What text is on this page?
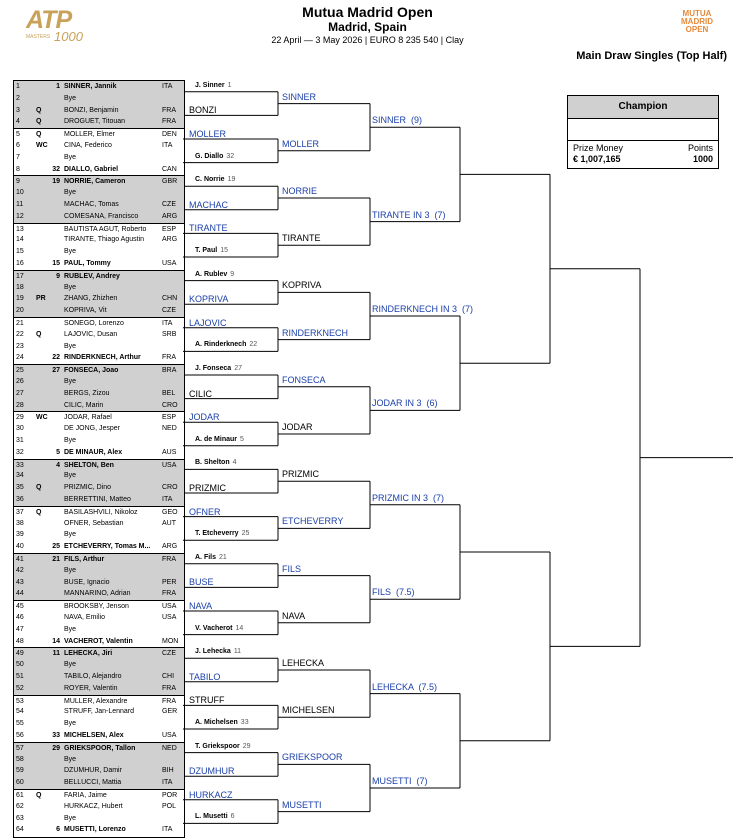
ATP
MASTERS 1000
Mutua Madrid Open
Madrid, Spain
22 April — 3 May 2026 | EURO 8 235 540 | Clay
MUTUA
MADRID
OPEN
Main Draw Singles (Top Half)
1	1 SINNER, Jannik	ITA
2	Bye
3	Q	BONZI, Benjamin	FRA
4	Q	DROGUET, Titouan	FRA
5	Q	MOLLER, Elmer	DEN
6	WC	CINA, Federico	ITA
7	Bye
8	32 DIALLO, Gabriel	CAN
9	19 NORRIE, Cameron	GBR
10	Bye
11	MACHAC, Tomas	CZE
12	COMESANA, Francisco	ARG
13	BAUTISTA AGUT, Roberto	ESP
14	TIRANTE, Thiago Agustin	ARG
15	Bye
16	15 PAUL, Tommy	USA
17	9 RUBLEV, Andrey
18	Bye
19	PR	ZHANG, Zhizhen	CHN
20	KOPRIVA, Vit	CZE
21	SONEGO, Lorenzo	ITA
22	Q	LAJOVIC, Dusan	SRB
23	Bye
24	22 RINDERKNECH, Arthur	FRA
25	27 FONSECA, Joao	BRA
26	Bye
27	BERGS, Zizou	BEL
28	CILIC, Marin	CRO
29	WC	JODAR, Rafael	ESP
30	DE JONG, Jesper	NED
31	Bye
32	5 DE MINAUR, Alex	AUS
33	4 SHELTON, Ben	USA
34	Bye
35	Q	PRIZMIC, Dino	CRO
36	BERRETTINI, Matteo	ITA
37	Q	BASILASHVILI, Nikoloz	GEO
38	OFNER, Sebastian	AUT
39	Bye
40	25 ETCHEVERRY, Tomas M...	ARG
41	21 FILS, Arthur	FRA
42	Bye
43	BUSE, Ignacio	PER
44	MANNARINO, Adrian	FRA
45	BROOKSBY, Jenson	USA
46	NAVA, Emilio	USA
47	Bye
48	14 VACHEROT, Valentin	MON
49	11 LEHECKA, Jiri	CZE
50	Bye
51	TABILO, Alejandro	CHI
52	ROYER, Valentin	FRA
53	MULLER, Alexandre	FRA
54	STRUFF, Jan-Lennard	GER
55	Bye
56	33 MICHELSEN, Alex	USA
57	29 GRIEKSPOOR, Tallon	NED
58	Bye
59	DZUMHUR, Damir	BIH
60	BELLUCCI, Mattia	ITA
61	Q	FARIA, Jaime	POR
62	HURKACZ, Hubert	POL
63	Bye
64	6 MUSETTI, Lorenzo	ITA
J. Sinner 1
BONZI
MOLLER
G. Diallo 32
C. Norrie 19
MACHAC
TIRANTE
T. Paul 15
A. Rublev 9
KOPRIVA
LAJOVIC
A. Rinderknech 22
J. Fonseca 27
CILIC
JODAR
A. de Minaur 5
B. Shelton 4
PRIZMIC
OFNER
T. Etcheverry 25
A. Fils 21
BUSE
NAVA
V. Vacherot 14
J. Lehecka 11
TABILO
STRUFF
A. Michelsen 33
T. Griekspoor 29
DZUMHUR
HURKACZ
L. Musetti 6
SINNER
MOLLER
NORRIE
TIRANTE
KOPRIVA
RINDERKNECH
FONSECA
JODAR
PRIZMIC
ETCHEVERRY
FILS
NAVA
LEHECKA
MICHELSEN
GRIEKSPOOR
MUSETTI
SINNER  (9)
TIRANTE IN 3  (7)
RINDERKNECH IN 3  (7)
JODAR IN 3  (6)
PRIZMIC IN 3  (7)
FILS  (7.5)
LEHECKA  (7.5)
MUSETTI  (7)
Champion
Prize Money
€ 1,007,165
Points
1000
